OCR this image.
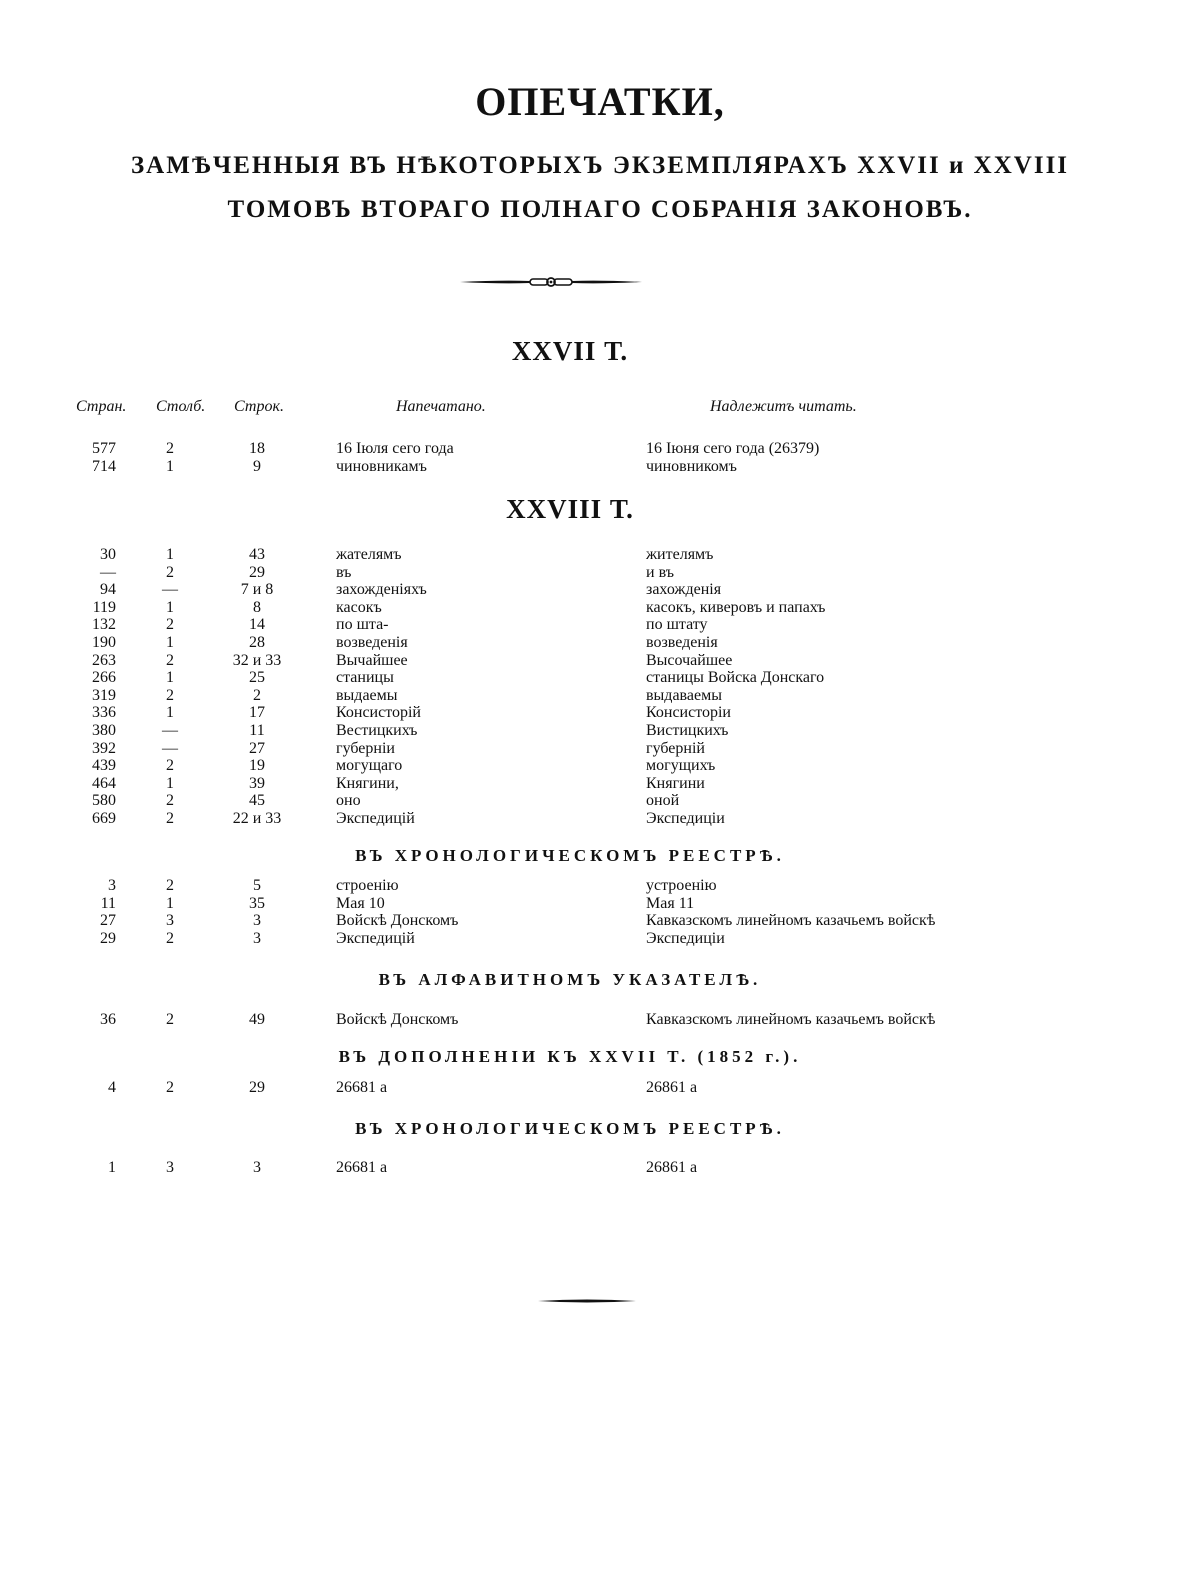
ОПЕЧАТКИ,
ЗАМѢЧЕННЫЯ ВЪ НѢКОТОРЫХЪ ЭКЗЕМПЛЯРАХЪ XXVII и XXVIII
ТОМОВЪ ВТОРАГО ПОЛНАГО СОБРАНІЯ ЗАКОНОВЪ.
XXVII Т.
Стран. Столб. Строк.	Напечатано.	Надлежитъ читать.
577	2	18	16 Іюля сего года	16 Іюня сего года (26379)
714	1	9	чиновникамъ	чиновникомъ
XXVIII Т.
30	1	43	жателямъ	жителямъ
—	2	29	въ	и въ
94	—	7 и 8	захожденіяхъ	захожденія
119	1	8	касокъ	касокъ, киверовъ и папахъ
132	2	14	по шта-	по штату
190	1	28	возведенія	возведенія
263	2	32 и 33	Вычайшее	Высочайшее
266	1	25	станицы	станицы Войска Донскаго
319	2	2	выдаемы	выдаваемы
336	1	17	Консисторій	Консисторіи
380	—	11	Вестицкихъ	Вистицкихъ
392	—	27	губерніи	губерній
439	2	19	могущаго	могущихъ
464	1	39	Княгини,	Княгини
580	2	45	оно	оной
669	2	22 и 33	Экспедицій	Экспедиціи
ВЪ ХРОНОЛОГИЧЕСКОМЪ РЕЕСТРѢ.
3	2	5	строенію	устроенію
11	1	35	Мая 10	Мая 11
27	3	3	Войскѣ Донскомъ	Кавказскомъ линейномъ казачьемъ войскѣ
29	2	3	Экспедицій	Экспедиціи
ВЪ АЛФАВИТНОМЪ УКАЗАТЕЛѢ.
36	2	49	Войскѣ Донскомъ	Кавказскомъ линейномъ казачьемъ войскѣ
ВЪ ДОПОЛНЕНІИ КЪ XXVII Т. (1852 г.).
4	2	29	26681 а	26861 а
ВЪ ХРОНОЛОГИЧЕСКОМЪ РЕЕСТРѢ.
1	3	3	26681 а	26861 а
